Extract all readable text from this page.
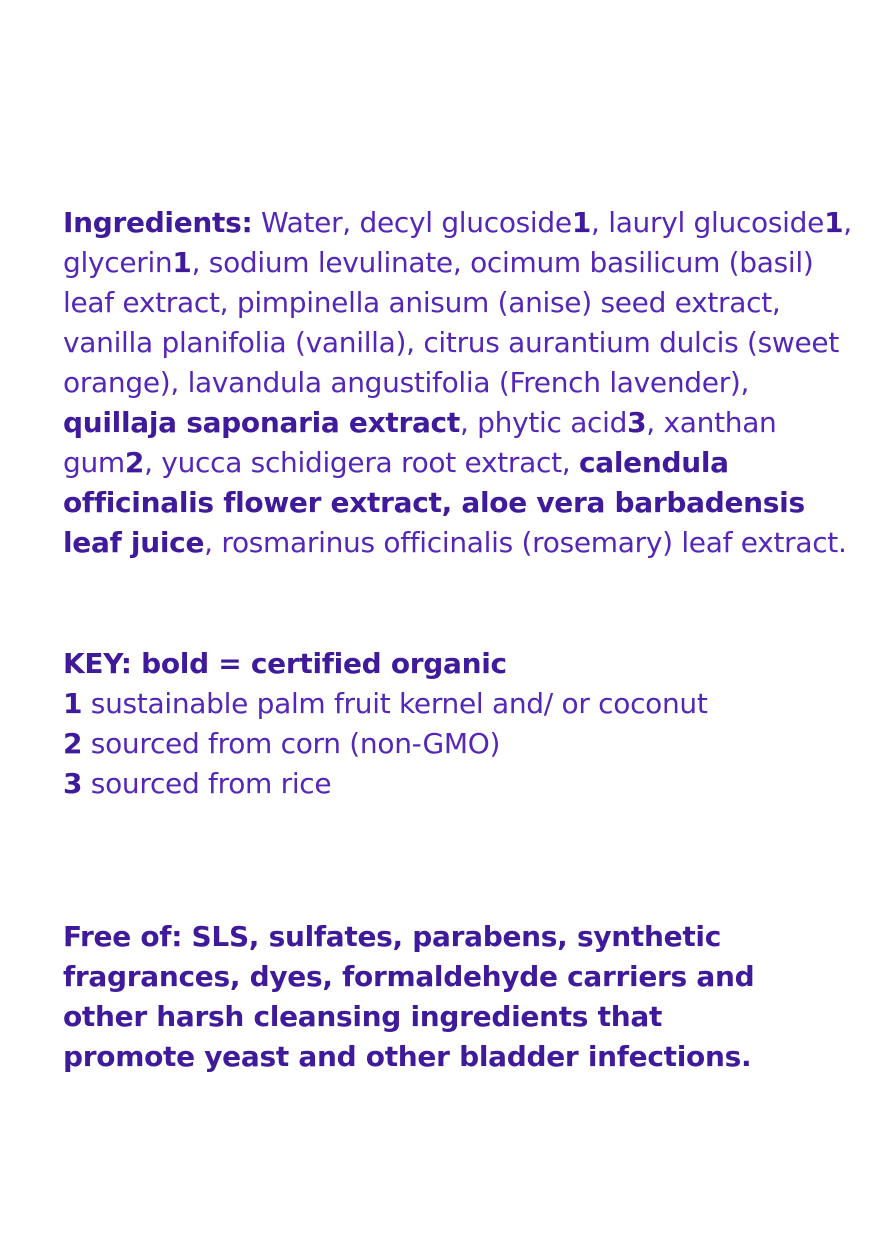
Ingredients: Water, decyl glucoside1, lauryl glucoside1, glycerin1, sodium levulinate, ocimum basilicum (basil) leaf extract, pimpinella anisum (anise) seed extract, vanilla planifolia (vanilla), citrus aurantium dulcis (sweet orange), lavandula angustifolia (French lavender), quillaja saponaria extract, phytic acid3, xanthan gum2, yucca schidigera root extract, calendula officinalis flower extract, aloe vera barbadensis leaf juice, rosmarinus officinalis (rosemary) leaf extract.

KEY: bold = certified organic
1 sustainable palm fruit kernel and/ or coconut
2 sourced from corn (non-GMO)
3 sourced from rice

Free of: SLS, sulfates, parabens, synthetic fragrances, dyes, formaldehyde carriers and other harsh cleansing ingredients that promote yeast and other bladder infections.
